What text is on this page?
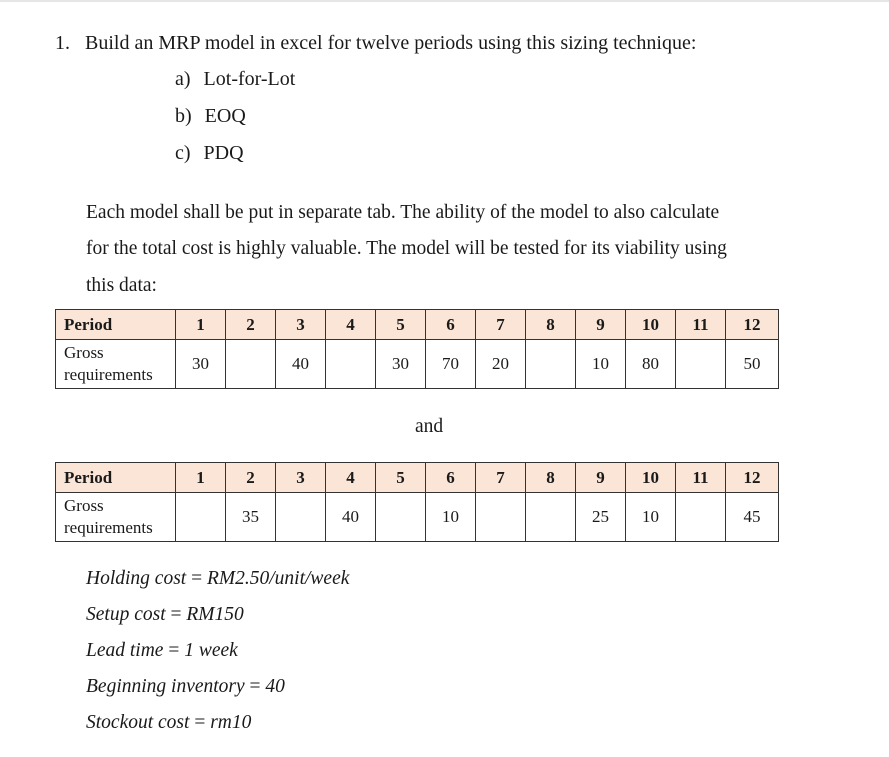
1. Build an MRP model in excel for twelve periods using this sizing technique:
a) Lot-for-Lot
b) EOQ
c) PDQ
Each model shall be put in separate tab. The ability of the model to also calculate
for the total cost is highly valuable. The model will be tested for its viability using
this data:
Period	1	2	3	4	5	6	7	8	9	10	11	12
Gross
requirements	30		40		30	70	20		10	80		50
and
Period	1	2	3	4	5	6	7	8	9	10	11	12
Gross
requirements		35		40		10			25	10		45
Holding cost = RM2.50/unit/week
Setup cost = RM150
Lead time = 1 week
Beginning inventory = 40
Stockout cost = rm10
